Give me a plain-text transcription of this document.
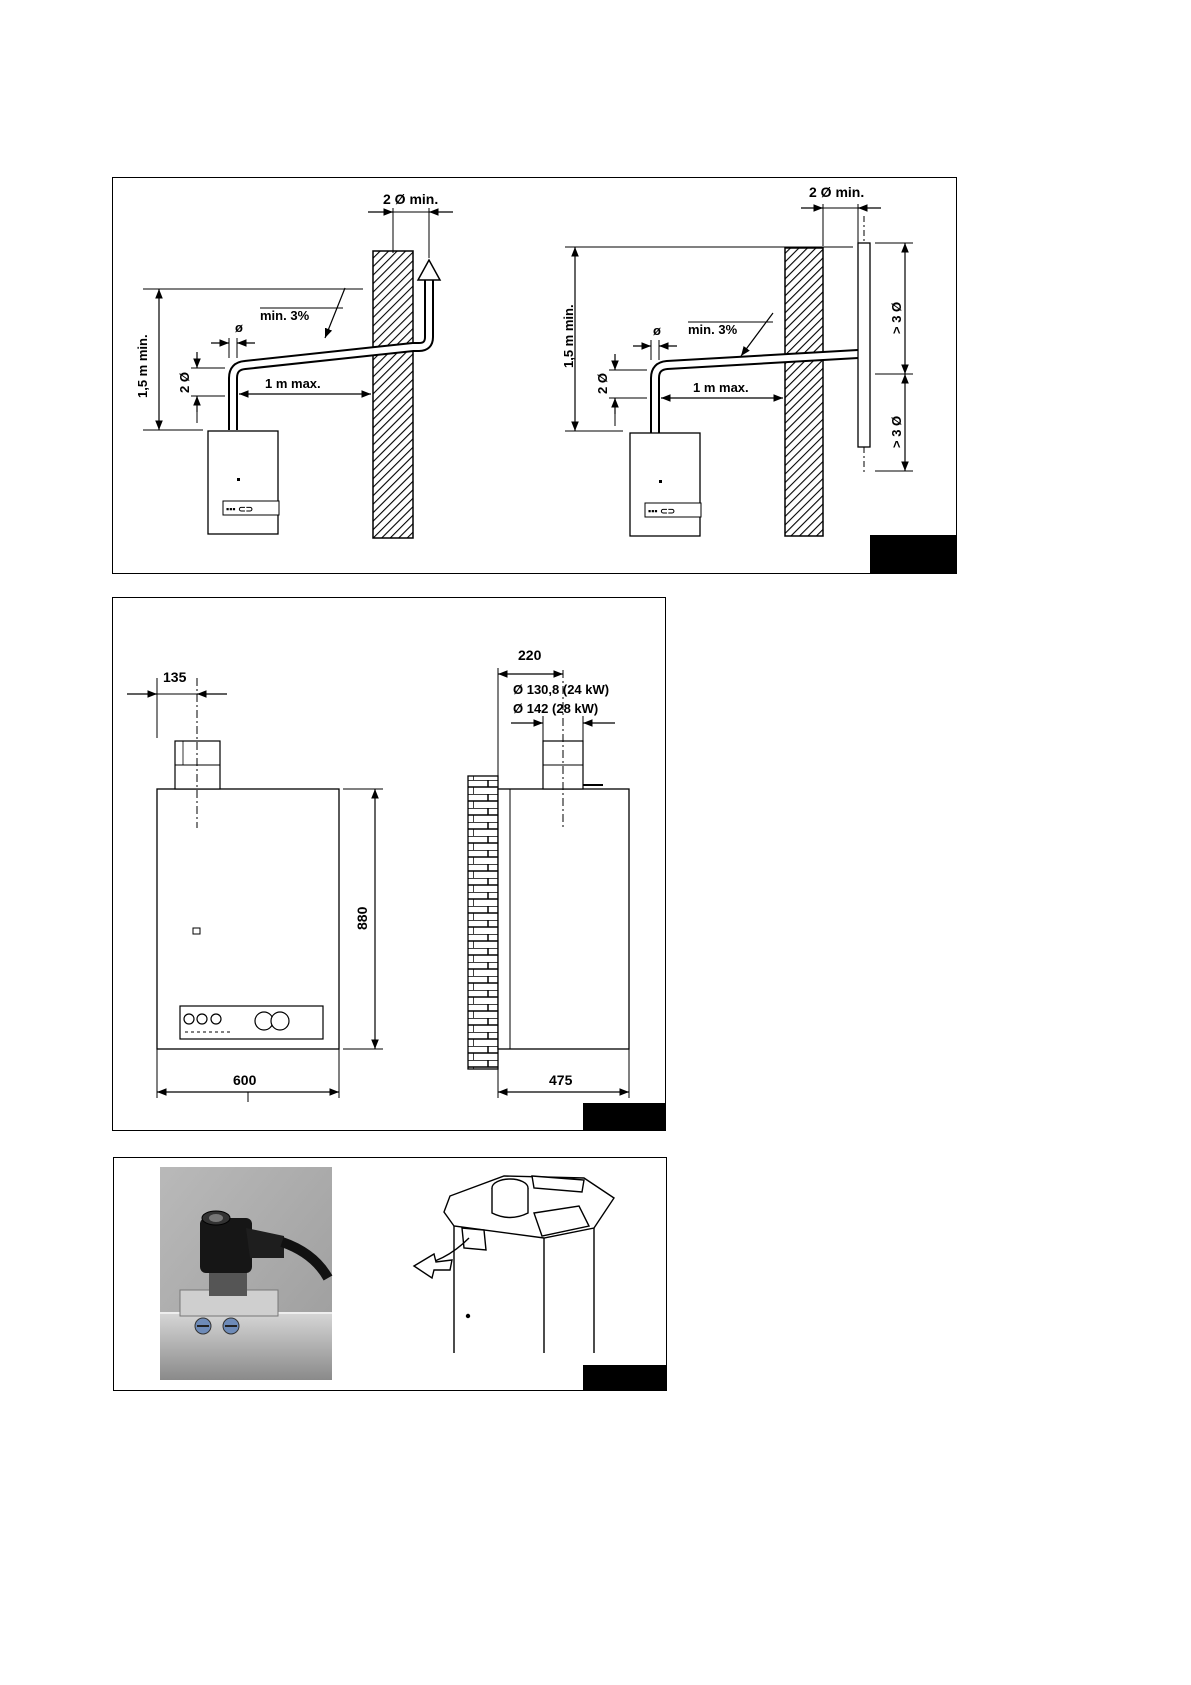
▪▪▪ ⊂⊃
2 Ø min.
1,5 m min.
ø
min. 3%
2 Ø	1 m max.
▪▪▪ ⊂⊃
2 Ø min.
1,5 m min.	ø min. 3%
2 Ø	1 m max.
> 3 Ø
> 3 Ø
135
880
600
220
Ø 130,8 (24 kW)
Ø 142 (28 kW)
475
